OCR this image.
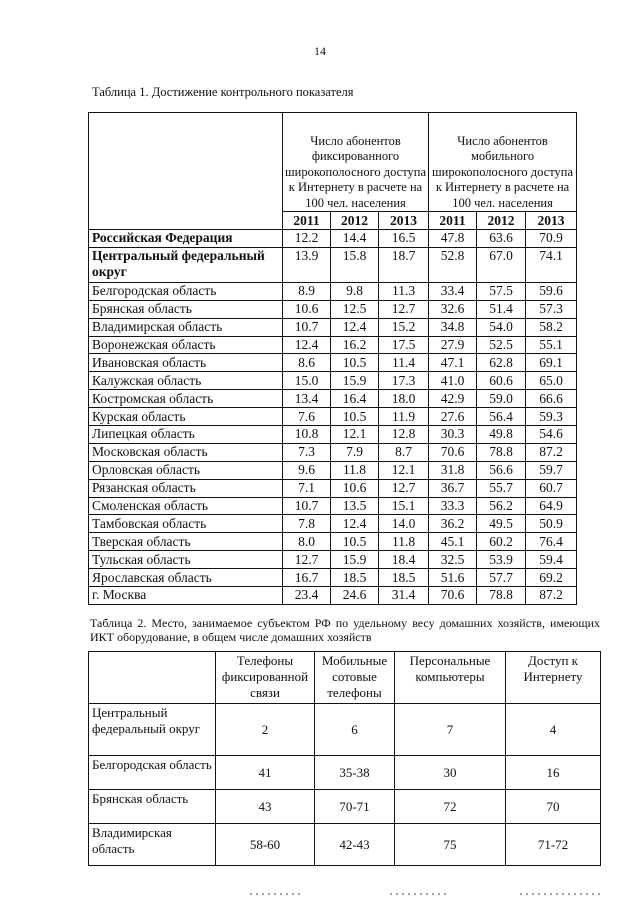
14
Таблица 1. Достижение контрольного показателя
	Число абонентов фиксированного широкополосного доступа к Интернету в расчете на 100 чел. населения			Число абонентов мобильного широкополосного доступа к Интернету в расчете на 100 чел. населения		
	2011	2012	2013	2011	2012	2013
Российская Федерация	12.2	14.4	16.5	47.8	63.6	70.9
Центральный федеральный округ	13.9	15.8	18.7	52.8	67.0	74.1
Белгородская область	8.9	9.8	11.3	33.4	57.5	59.6
Брянская область	10.6	12.5	12.7	32.6	51.4	57.3
Владимирская область	10.7	12.4	15.2	34.8	54.0	58.2
Воронежская область	12.4	16.2	17.5	27.9	52.5	55.1
Ивановская область	8.6	10.5	11.4	47.1	62.8	69.1
Калужская область	15.0	15.9	17.3	41.0	60.6	65.0
Костромская область	13.4	16.4	18.0	42.9	59.0	66.6
Курская область	7.6	10.5	11.9	27.6	56.4	59.3
Липецкая область	10.8	12.1	12.8	30.3	49.8	54.6
Московская область	7.3	7.9	8.7	70.6	78.8	87.2
Орловская область	9.6	11.8	12.1	31.8	56.6	59.7
Рязанская область	7.1	10.6	12.7	36.7	55.7	60.7
Смоленская область	10.7	13.5	15.1	33.3	56.2	64.9
Тамбовская область	7.8	12.4	14.0	36.2	49.5	50.9
Тверская область	8.0	10.5	11.8	45.1	60.2	76.4
Тульская область	12.7	15.9	18.4	32.5	53.9	59.4
Ярославская область	16.7	18.5	18.5	51.6	57.7	69.2
г. Москва	23.4	24.6	31.4	70.6	78.8	87.2
Таблица 2. Место, занимаемое субъектом РФ по удельному весу домашних хозяйств, имеющих ИКТ оборудование, в общем числе домашних хозяйств
	Телефоны фиксированной связи	Мобильные сотовые телефоны	Персональные компьютеры	Доступ к Интернету
Центральный федеральный округ	2	6	7	4
Белгородская область	41	35-38	30	16
Брянская область	43	70-71	72	70
Владимирская область	58-60	42-43	75	71-72
